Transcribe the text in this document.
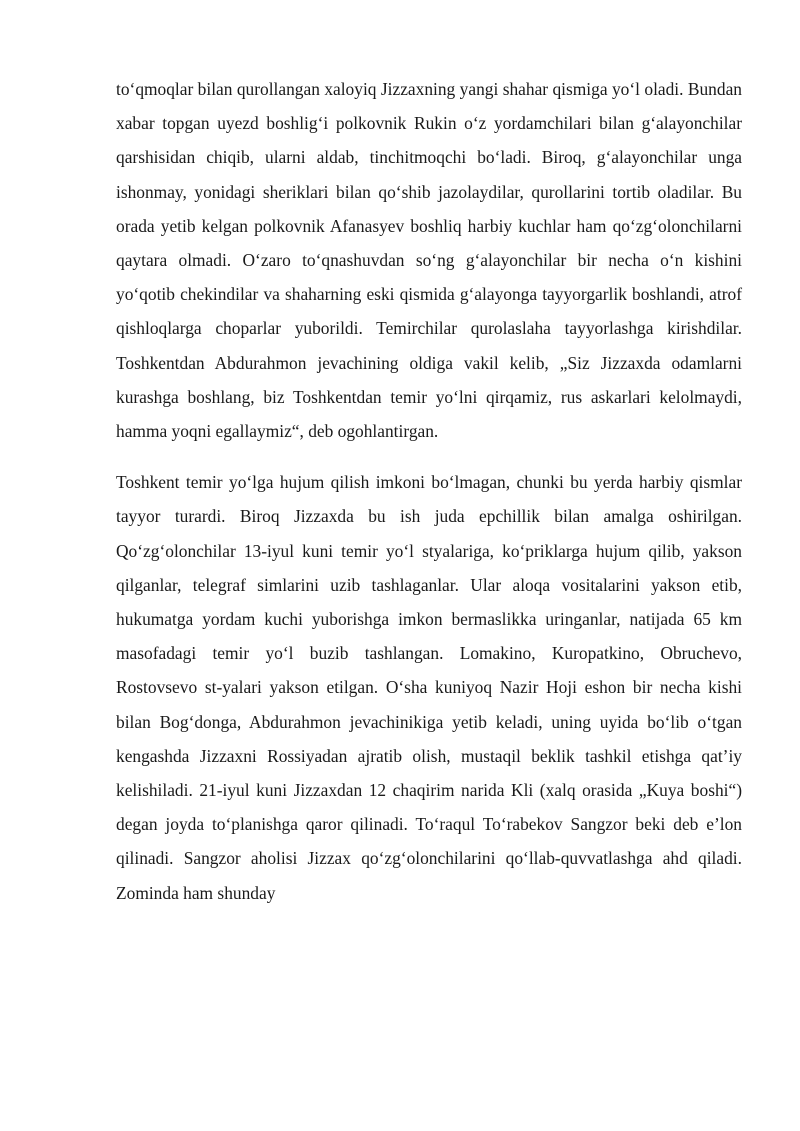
to‘qmoqlar bilan qurollangan xaloyiq Jizzaxning yangi shahar qismiga yo‘l oladi. Bundan xabar topgan uyezd boshlig‘i polkovnik Rukin o‘z yordamchilari bilan g‘alayonchilar qarshisidan chiqib, ularni aldab, tinchitmoqchi bo‘ladi. Biroq, g‘alayonchilar unga ishonmay, yonidagi sheriklari bilan qo‘shib jazolaydilar, qurollarini tortib oladilar. Bu orada yetib kelgan polkovnik Afanasyev boshliq harbiy kuchlar ham qo‘zg‘olonchilarni qaytara olmadi. O‘zaro to‘qnashuvdan so‘ng g‘alayonchilar bir necha o‘n kishini yo‘qotib chekindilar va shaharning eski qismida g‘alayonga tayyorgarlik boshlandi, atrof qishloqlarga choparlar yuborildi. Temirchilar qurolaslaha tayyorlashga kirishdilar. Toshkentdan Abdurahmon jevachining oldiga vakil kelib, „Siz Jizzaxda odamlarni kurashga boshlang, biz Toshkentdan temir yo‘lni qirqamiz, rus askarlari kelolmaydi, hamma yoqni egallaymiz“, deb ogohlantirgan.

Toshkent temir yo‘lga hujum qilish imkoni bo‘lmagan, chunki bu yerda harbiy qismlar tayyor turardi. Biroq Jizzaxda bu ish juda epchillik bilan amalga oshirilgan. Qo‘zg‘olonchilar 13-iyul kuni temir yo‘l styalariga, ko‘priklarga hujum qilib, yakson qilganlar, telegraf simlarini uzib tashlaganlar. Ular aloqa vositalarini yakson etib, hukumatga yordam kuchi yuborishga imkon bermaslikka uringanlar, natijada 65 km masofadagi temir yo‘l buzib tashlangan. Lomakino, Kuropatkino, Obruchevo, Rostovsevo st-yalari yakson etilgan. O‘sha kuniyoq Nazir Hoji eshon bir necha kishi bilan Bog‘donga, Abdurahmon jevachinikiga yetib keladi, uning uyida bo‘lib o‘tgan kengashda Jizzaxni Rossiyadan ajratib olish, mustaqil beklik tashkil etishga qat’iy kelishiladi. 21-iyul kuni Jizzaxdan 12 chaqirim narida Kli (xalq orasida „Kuya boshi“) degan joyda to‘planishga qaror qilinadi. To‘raqul To‘rabekov Sangzor beki deb e’lon qilinadi. Sangzor aholisi Jizzax qo‘zg‘olonchilarini qo‘llab-quvvatlashga ahd qiladi. Zominda ham shunday
